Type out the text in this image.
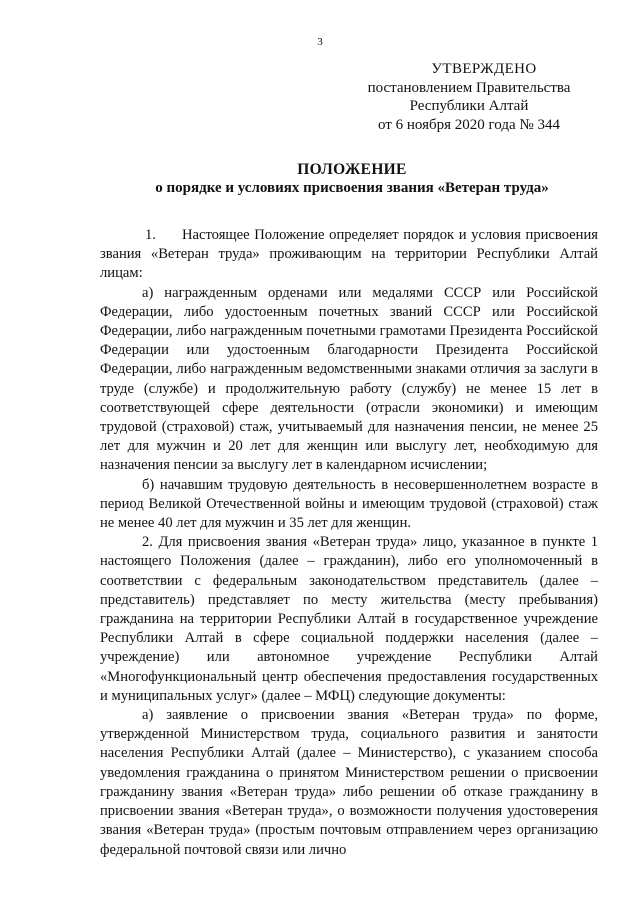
3
УТВЕРЖДЕНО
постановлением Правительства
Республики Алтай
от 6 ноября 2020 года № 344
ПОЛОЖЕНИЕ
о порядке и условиях присвоения звания «Ветеран труда»

1. Настоящее Положение определяет порядок и условия присвоения звания «Ветеран труда» проживающим на территории Республики Алтай лицам:

а) награжденным орденами или медалями СССР или Российской Федерации, либо удостоенным почетных званий СССР или Российской Федерации, либо награжденным почетными грамотами Президента Российской Федерации или удостоенным благодарности Президента Российской Федерации, либо награжденным ведомственными знаками отличия за заслуги в труде (службе) и продолжительную работу (службу) не менее 15 лет в соответствующей сфере деятельности (отрасли экономики) и имеющим трудовой (страховой) стаж, учитываемый для назначения пенсии, не менее 25 лет для мужчин и 20 лет для женщин или выслугу лет, необходимую для назначения пенсии за выслугу лет в календарном исчислении;

б) начавшим трудовую деятельность в несовершеннолетнем возрасте в период Великой Отечественной войны и имеющим трудовой (страховой) стаж не менее 40 лет для мужчин и 35 лет для женщин.

2. Для присвоения звания «Ветеран труда» лицо, указанное в пункте 1 настоящего Положения (далее – гражданин), либо его уполномоченный в соответствии с федеральным законодательством представитель (далее – представитель) представляет по месту жительства (месту пребывания) гражданина на территории Республики Алтай в государственное учреждение Республики Алтай в сфере социальной поддержки населения (далее – учреждение) или автономное учреждение Республики Алтай «Многофункциональный центр обеспечения предоставления государственных и муниципальных услуг» (далее – МФЦ) следующие документы:

а) заявление о присвоении звания «Ветеран труда» по форме, утвержденной Министерством труда, социального развития и занятости населения Республики Алтай (далее – Министерство), с указанием способа уведомления гражданина о принятом Министерством решении о присвоении гражданину звания «Ветеран труда» либо решении об отказе гражданину в присвоении звания «Ветеран труда», о возможности получения удостоверения звания «Ветеран труда» (простым почтовым отправлением через организацию федеральной почтовой связи или лично
